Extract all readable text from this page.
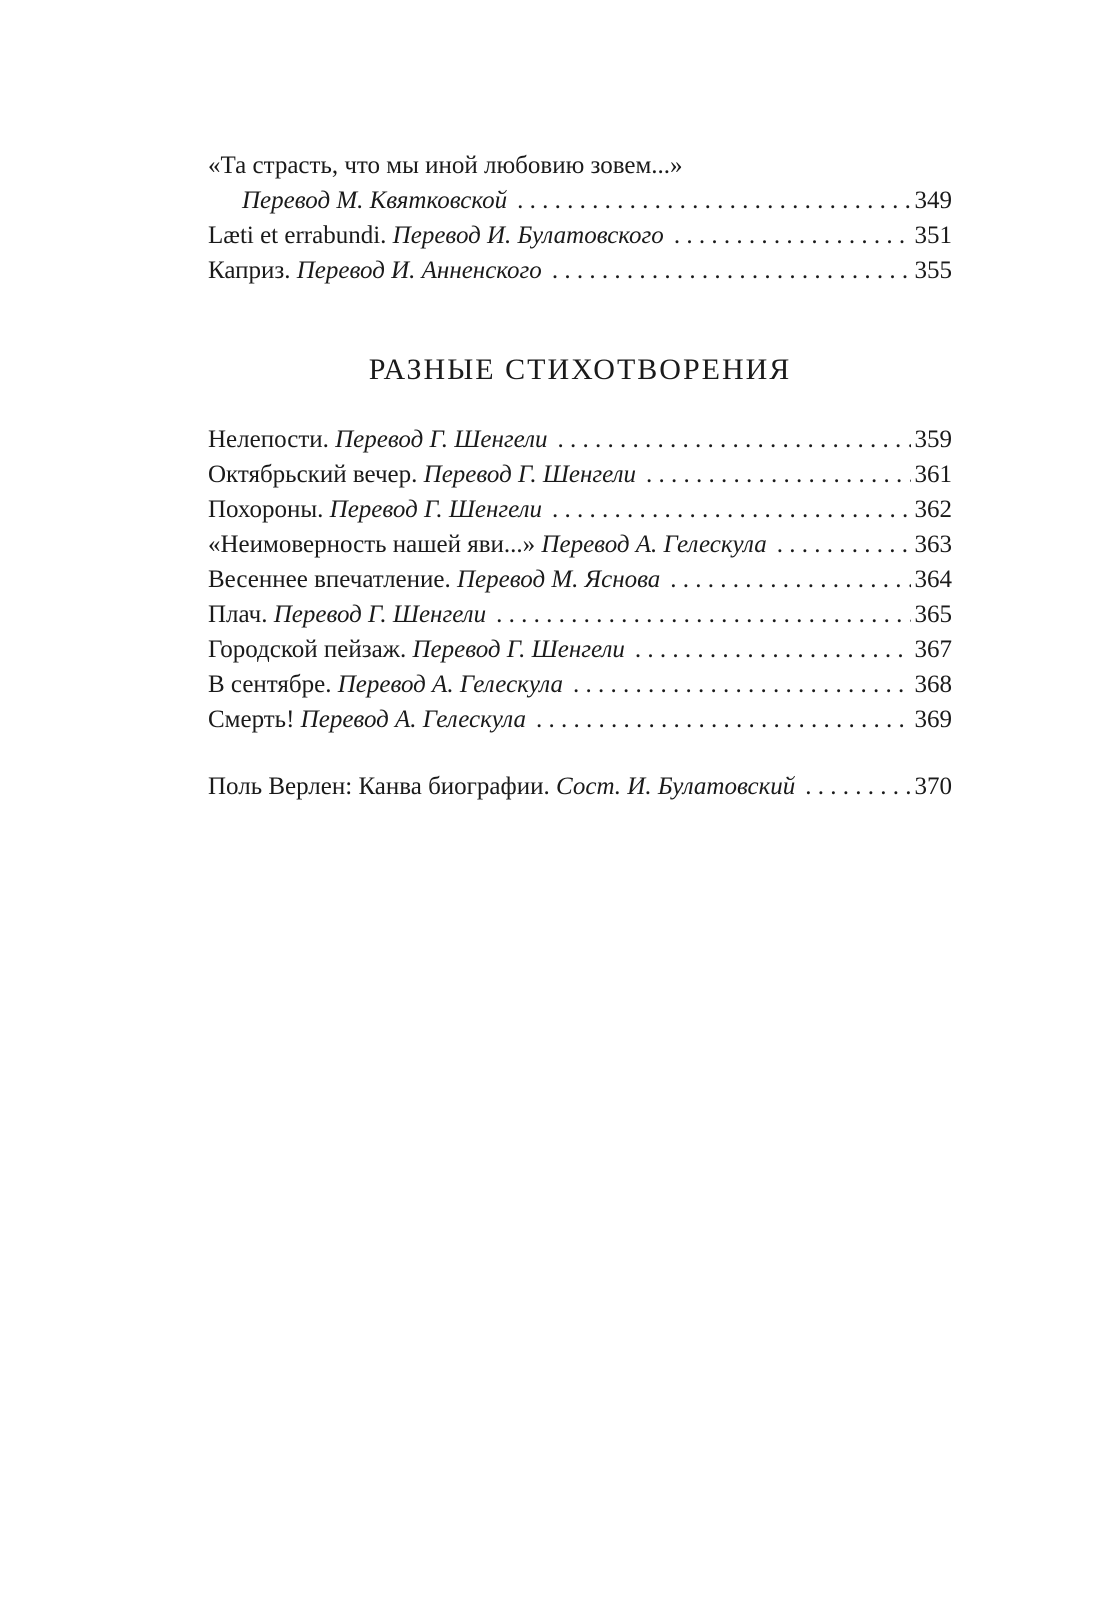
«Та страсть, что мы иной любовию зовем...»
Перевод М. Квятковской . . .	349
Læti et errabundi. Перевод И. Булатовского . . .	351
Каприз. Перевод И. Анненского . . .	355
РАЗНЫЕ СТИХОТВОРЕНИЯ
Нелепости. Перевод Г. Шенгели . . .	359
Октябрьский вечер. Перевод Г. Шенгели . . .	361
Похороны. Перевод Г. Шенгели . . .	362
«Неимоверность нашей яви...» Перевод А. Гелескула . . .	363
Весеннее впечатление. Перевод М. Яснова . . .	364
Плач. Перевод Г. Шенгели . . .	365
Городской пейзаж. Перевод Г. Шенгели . . .	367
В сентябре. Перевод А. Гелескула . . .	368
Смерть! Перевод А. Гелескула . . .	369
Поль Верлен: Канва биографии. Сост. И. Булатовский . . .	370
